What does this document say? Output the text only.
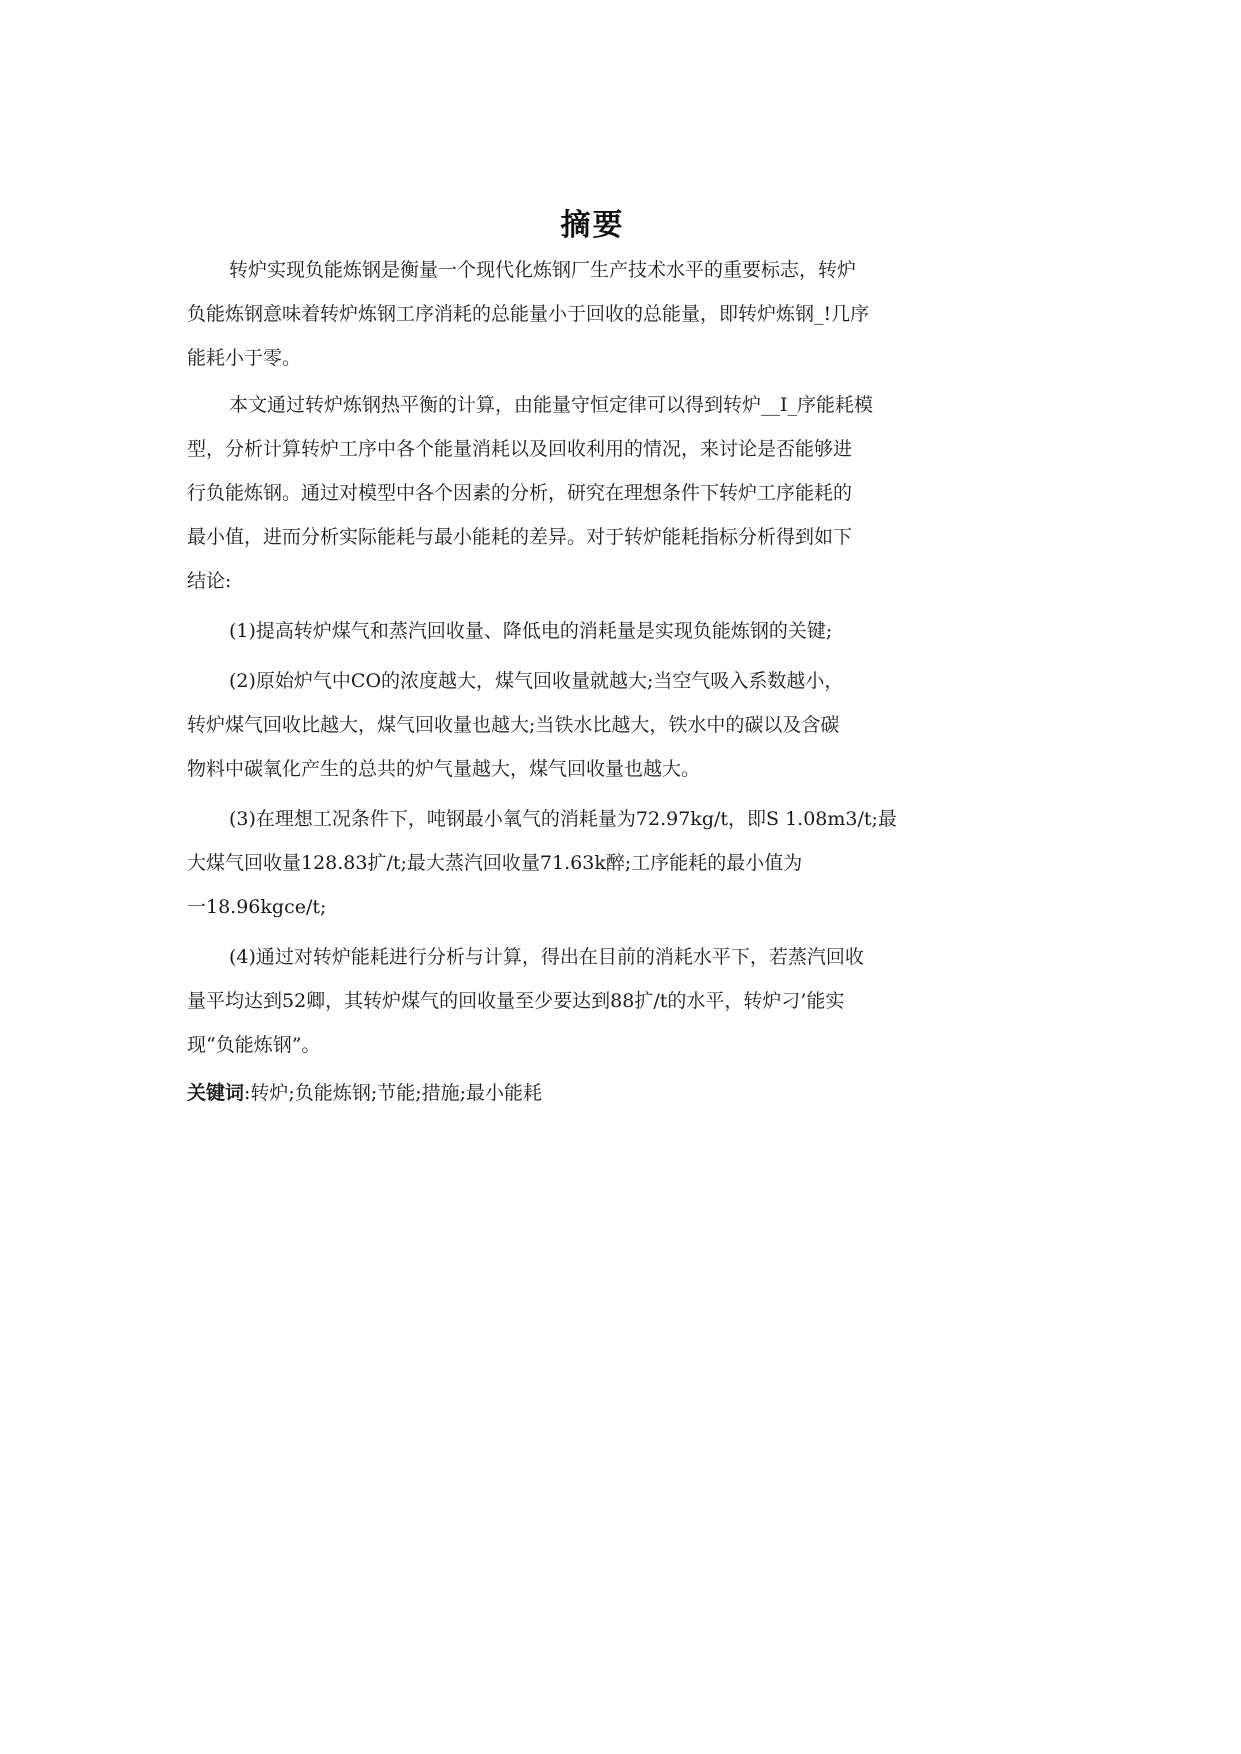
摘要
转炉实现负能炼钢是衡量一个现代化炼钢厂生产技术水平的重要标志，转炉
负能炼钢意味着转炉炼钢工序消耗的总能量小于回收的总能量，即转炉炼钢_!几序
能耗小于零。
本文通过转炉炼钢热平衡的计算，由能量守恒定律可以得到转炉__I_序能耗模
型，分析计算转炉工序中各个能量消耗以及回收利用的情况，来讨论是否能够进
行负能炼钢。通过对模型中各个因素的分析，研究在理想条件下转炉工序能耗的
最小值，进而分析实际能耗与最小能耗的差异。对于转炉能耗指标分析得到如下
结论:
(1)提高转炉煤气和蒸汽回收量、降低电的消耗量是实现负能炼钢的关键;
(2)原始炉气中CO的浓度越大，煤气回收量就越大;当空气吸入系数越小，
转炉煤气回收比越大，煤气回收量也越大;当铁水比越大，铁水中的碳以及含碳
物料中碳氧化产生的总共的炉气量越大，煤气回收量也越大。
(3)在理想工况条件下，吨钢最小氧气的消耗量为72.97kg/t，即S 1.08m3/t;最
大煤气回收量128.83扩/t;最大蒸汽回收量71.63k醉;工序能耗的最小值为
一18.96kgce/t;
(4)通过对转炉能耗进行分析与计算，得出在目前的消耗水平下，若蒸汽回收
量平均达到52卿，其转炉煤气的回收量至少要达到88扩/t的水平，转炉刁’能实
现“负能炼钢”。
关键词:转炉;负能炼钢;节能;措施;最小能耗
